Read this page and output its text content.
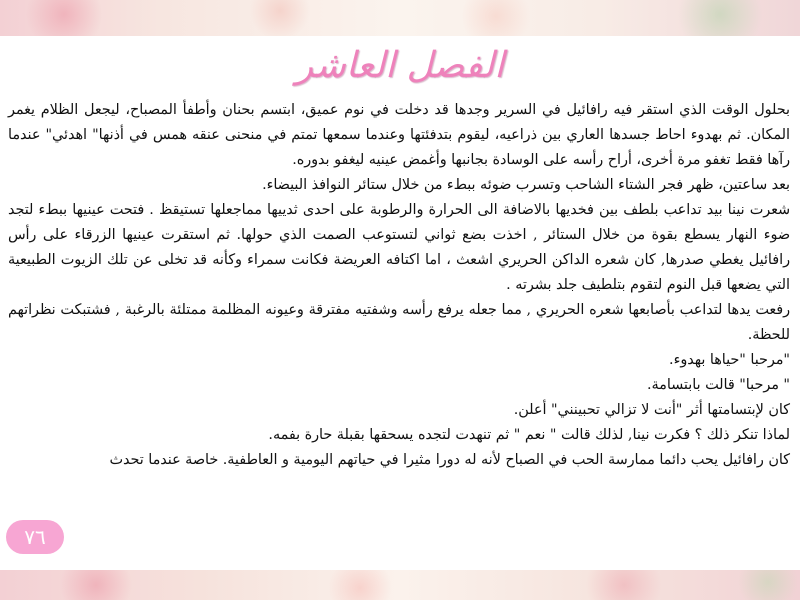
الفصل العاشر

بحلول الوقت الذي استقر فيه رافائيل في السرير وجدها قد دخلت في نوم عميق، ابتسم بحنان وأطفأ المصباح، ليجعل الظلام يغمر المكان. ثم بهدوء احاط جسدها العاري بين ذراعيه، ليقوم بتدفئتها وعندما سمعها تمتم في منحنى عنقه همس في أذنها" اهدئي" عندما رآها فقط تغفو مرة أخرى، أراح رأسه على الوسادة بجانبها وأغمض عينيه ليغفو بدوره.

بعد ساعتين، ظهر فجر الشتاء الشاحب وتسرب ضوئه ببطء من خلال ستائر النوافذ البيضاء.

شعرت نينا بيد تداعب بلطف بين فخديها بالاضافة الى الحرارة والرطوبة على احدى ثدييها مماجعلها تستيقظ . فتحت عينيها ببطء لتجد ضوء النهار يسطع بقوة من خلال الستائر , اخذت بضع ثواني لتستوعب الصمت الذي حولها. ثم استقرت عينيها الزرقاء على رأس رافائيل يغطي صدرها, كان شعره الداكن الحريري اشعث ، اما اكتافه العريضة فكانت سمراء وكأنه قد تخلى عن تلك الزيوت الطبيعية التي يضعها قبل النوم لتقوم بتلطيف جلد بشرته .

رفعت يدها لتداعب بأصابعها شعره الحريري , مما جعله يرفع رأسه وشفتيه مفترقة وعيونه المظلمة ممتلئة بالرغبة , فشتبكت نظراتهم للحظة.

"مرحبا "حياها بهدوء.

" مرحبا" قالت بابتسامة.

كان لإبتسامتها أثر "أنت لا تزالي تحبينني" أعلن.

لماذا تنكر ذلك ؟ فكرت نينا, لذلك قالت " نعم " ثم تنهدت لتجده يسحقها بقبلة حارة بفمه.

كان رافائيل يحب دائما ممارسة الحب في الصباح لأنه له دورا مثيرا في حياتهم اليومية و العاطفية. خاصة عندما تحدث

٧٦
